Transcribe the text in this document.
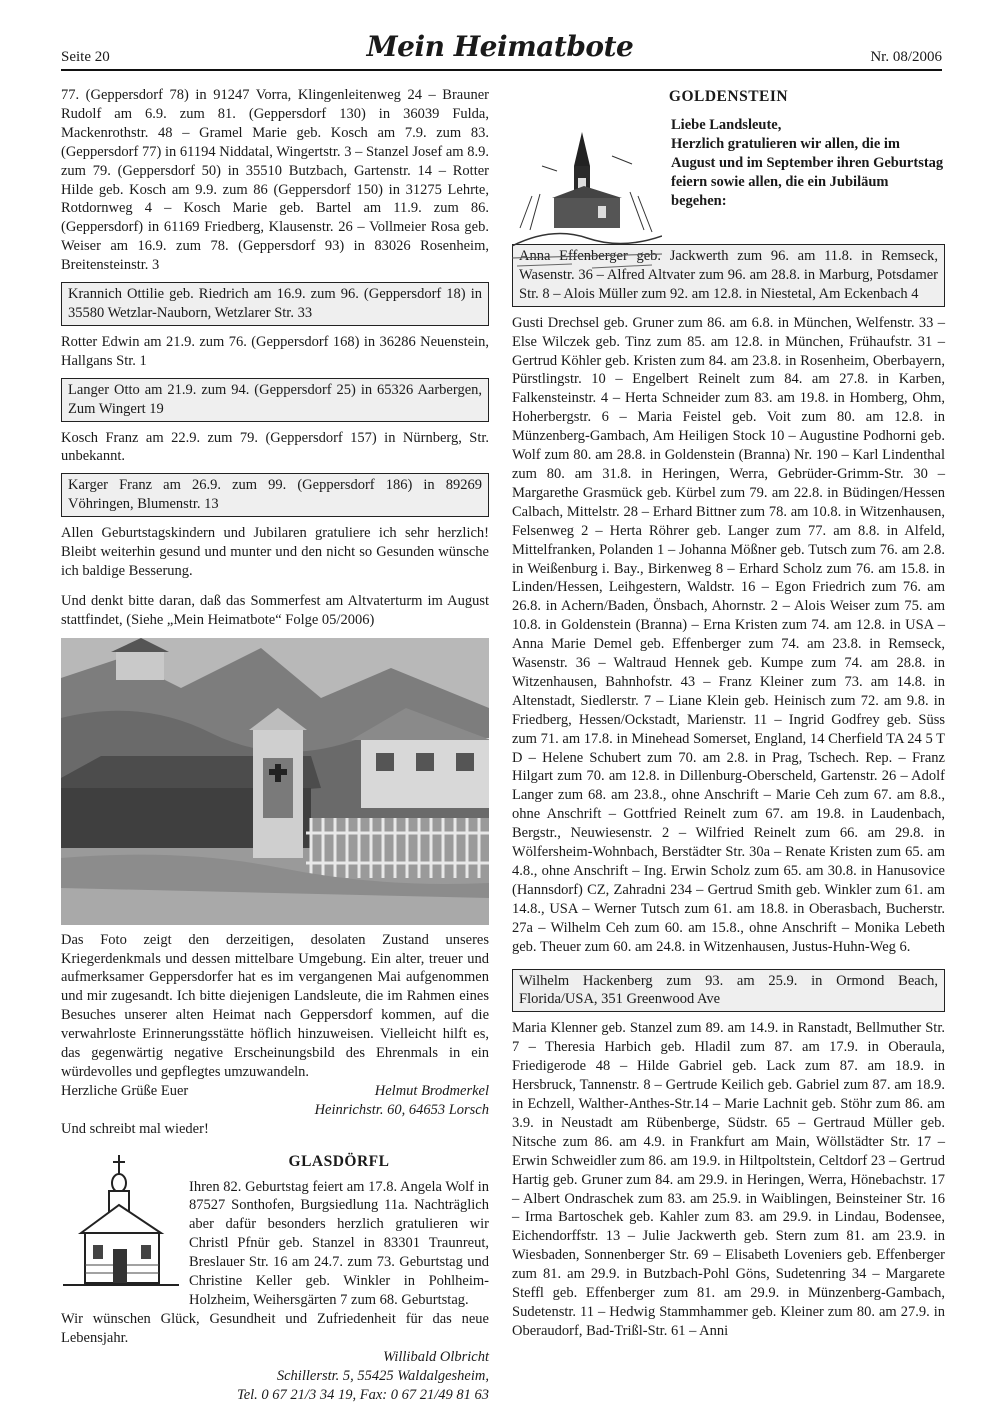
Seite 20	Mein Heimatbote	Nr. 08/2006

77. (Geppersdorf 78) in 91247 Vorra, Klingenleitenweg 24 – Brauner Rudolf am 6.9. zum 81. (Geppersdorf 130) in 36039 Fulda, Mackenrothstr. 48 – Gramel Marie geb. Kosch am 7.9. zum 83. (Geppersdorf 77) in 61194 Niddatal, Wingertstr. 3 – Stanzel Josef am 8.9. zum 79. (Geppersdorf 50) in 35510 Butzbach, Gartenstr. 14 – Rotter Hilde geb. Kosch am 9.9. zum 86 (Geppersdorf 150) in 31275 Lehrte, Rotdornweg 4 – Kosch Marie geb. Bartel am 11.9. zum 86. (Geppersdorf) in 61169 Friedberg, Klausenstr. 26 – Vollmeier Rosa geb. Weiser am 16.9. zum 78. (Geppersdorf 93) in 83026 Rosenheim, Breitensteinstr. 3

Krannich Ottilie geb. Riedrich am 16.9. zum 96. (Geppersdorf 18) in 35580 Wetzlar-Nauborn, Wetzlarer Str. 33

Rotter Edwin am 21.9. zum 76. (Geppersdorf 168) in 36286 Neuenstein, Hallgans Str. 1

Langer Otto am 21.9. zum 94. (Geppersdorf 25) in 65326 Aarbergen, Zum Wingert 19

Kosch Franz am 22.9. zum 79. (Geppersdorf 157) in Nürnberg, Str. unbekannt.

Karger Franz am 26.9. zum 99. (Geppersdorf 186) in 89269 Vöhringen, Blumenstr. 13

Allen Geburtstagskindern und Jubilaren gratuliere ich sehr herzlich! Bleibt weiterhin gesund und munter und den nicht so Gesunden wünsche ich baldige Besserung.

Und denkt bitte daran, daß das Sommerfest am Altvaterturm im August stattfindet, (Siehe „Mein Heimatbote“ Folge 05/2006)

Das Foto zeigt den derzeitigen, desolaten Zustand unseres Kriegerdenkmals und dessen mittelbare Umgebung. Ein alter, treuer und aufmerksamer Geppersdorfer hat es im vergangenen Mai aufgenommen und mir zugesandt. Ich bitte diejenigen Landsleute, die im Rahmen eines Besuches unserer alten Heimat nach Geppersdorf kommen, auf die verwahrloste Erinnerungsstätte höflich hinzuweisen. Vielleicht hilft es, das gegenwärtig negative Erscheinungsbild des Ehrenmals in ein würdevolles und gepflegtes umzuwandeln.

Herzliche Grüße Euer	Helmut Brodmerkel
Heinrichstr. 60, 64653 Lorsch
Und schreibt mal wieder!
GLASDÖRFL

Ihren 82. Geburtstag feiert am 17.8. Angela Wolf in 87527 Sonthofen, Burgsiedlung 11a. Nachträglich aber dafür besonders herzlich gratulieren wir Christl Pfnür geb. Stanzel in 83301 Traunreut, Breslauer Str. 16 am 24.7. zum 73. Geburtstag und Christine Keller geb. Winkler in Pohlheim-Holzheim, Weihersgärten 7 zum 68. Geburtstag.

Wir wünschen Glück, Gesundheit und Zufriedenheit für das neue Lebensjahr.

Willibald Olbricht
Schillerstr. 5, 55425 Waldalgesheim,
Tel. 0 67 21/3 34 19, Fax: 0 67 21/49 81 63
GOLDENSTEIN
Liebe Landsleute,
Herzlich gratulieren wir allen, die im August und im September ihren Geburtstag feiern sowie allen, die ein Jubiläum begehen:
Anna Effenberger geb. Jackwerth zum 96. am 11.8. in Remseck, Wasenstr. 36 – Alfred Altvater zum 96. am 28.8. in Marburg, Potsdamer Str. 8 – Alois Müller zum 92. am 12.8. in Niestetal, Am Eckenbach 4

Gusti Drechsel geb. Gruner zum 86. am 6.8. in München, Welfenstr. 33 – Else Wilczek geb. Tinz zum 85. am 12.8. in München, Frühaufstr. 31 – Gertrud Köhler geb. Kristen zum 84. am 23.8. in Rosenheim, Oberbayern, Pürstlingstr. 10 – Engelbert Reinelt zum 84. am 27.8. in Karben, Falkensteinstr. 4 – Herta Schneider zum 83. am 19.8. in Homberg, Ohm, Hoherbergstr. 6 – Maria Feistel geb. Voit zum 80. am 12.8. in Münzenberg-Gambach, Am Heiligen Stock 10 – Augustine Podhorni geb. Wolf zum 80. am 28.8. in Goldenstein (Branna) Nr. 190 – Karl Lindenthal zum 80. am 31.8. in Heringen, Werra, Gebrüder-Grimm-Str. 30 – Margarethe Grasmück geb. Kürbel zum 79. am 22.8. in Büdingen/Hessen Calbach, Mittelstr. 28 – Erhard Bittner zum 78. am 10.8. in Witzenhausen, Felsenweg 2 – Herta Röhrer geb. Langer zum 77. am 8.8. in Alfeld, Mittelfranken, Polanden 1 – Johanna Mößner geb. Tutsch zum 76. am 2.8. in Weißenburg i. Bay., Birkenweg 8 – Erhard Scholz zum 76. am 15.8. in Linden/Hessen, Leihgestern, Waldstr. 16 – Egon Friedrich zum 76. am 26.8. in Achern/Baden, Önsbach, Ahornstr. 2 – Alois Weiser zum 75. am 10.8. in Goldenstein (Branna) – Erna Kristen zum 74. am 12.8. in USA – Anna Marie Demel geb. Effenberger zum 74. am 23.8. in Remseck, Wasenstr. 36 – Waltraud Hennek geb. Kumpe zum 74. am 28.8. in Witzenhausen, Bahnhofstr. 43 – Franz Kleiner zum 73. am 14.8. in Altenstadt, Siedlerstr. 7 – Liane Klein geb. Heinisch zum 72. am 9.8. in Friedberg, Hessen/Ockstadt, Marienstr. 11 – Ingrid Godfrey geb. Süss zum 71. am 17.8. in Minehead Somerset, England, 14 Cherfield TA 24 5 T D – Helene Schubert zum 70. am 2.8. in Prag, Tschech. Rep. – Franz Hilgart zum 70. am 12.8. in Dillenburg-Oberscheld, Gartenstr. 26 – Adolf Langer zum 68. am 23.8., ohne Anschrift – Marie Ceh zum 67. am 8.8., ohne Anschrift – Gottfried Reinelt zum 67. am 19.8. in Laudenbach, Bergstr., Neuwiesenstr. 2 – Wilfried Reinelt zum 66. am 29.8. in Wölfersheim-Wohnbach, Berstädter Str. 30a – Renate Kristen zum 65. am 4.8., ohne Anschrift – Ing. Erwin Scholz zum 65. am 30.8. in Hanusovice (Hannsdorf) CZ, Zahradni 234 – Gertrud Smith geb. Winkler zum 61. am 14.8., USA – Werner Tutsch zum 61. am 18.8. in Oberasbach, Bucherstr. 27a – Wilhelm Ceh zum 60. am 15.8., ohne Anschrift – Monika Lebeth geb. Theuer zum 60. am 24.8. in Witzenhausen, Justus-Huhn-Weg 6.

Wilhelm Hackenberg zum 93. am 25.9. in Ormond Beach, Florida/USA, 351 Greenwood Ave

Maria Klenner geb. Stanzel zum 89. am 14.9. in Ranstadt, Bellmuther Str. 7 – Theresia Harbich geb. Hladil zum 87. am 17.9. in Oberaula, Friedigerode 48 – Hilde Gabriel geb. Lack zum 87. am 18.9. in Hersbruck, Tannenstr. 8 – Gertrude Keilich geb. Gabriel zum 87. am 18.9. in Echzell, Walther-Anthes-Str.14 – Marie Lachnit geb. Stöhr zum 86. am 3.9. in Neustadt am Rübenberge, Südstr. 65 – Gertraud Müller geb. Nitsche zum 86. am 4.9. in Frankfurt am Main, Wöllstädter Str. 17 – Erwin Schweidler zum 86. am 19.9. in Hiltpoltstein, Celtdorf 23 – Gertrud Hartig geb. Gruner zum 84. am 29.9. in Heringen, Werra, Hönebachstr. 17 – Albert Ondraschek zum 83. am 25.9. in Waiblingen, Beinsteiner Str. 16 – Irma Bartoschek geb. Kahler zum 83. am 29.9. in Lindau, Bodensee, Eichendorffstr. 13 – Julie Jackwerth geb. Stern zum 81. am 23.9. in Wiesbaden, Sonnenberger Str. 69 – Elisabeth Loveniers geb. Effenberger zum 81. am 29.9. in Butzbach-Pohl Göns, Sudetenring 34 – Margarete Steffl geb. Effenberger zum 81. am 29.9. in Münzenberg-Gambach, Sudetenstr. 11 – Hedwig Stammhammer geb. Kleiner zum 80. am 27.9. in Oberaudorf, Bad-Trißl-Str. 61 – Anni
